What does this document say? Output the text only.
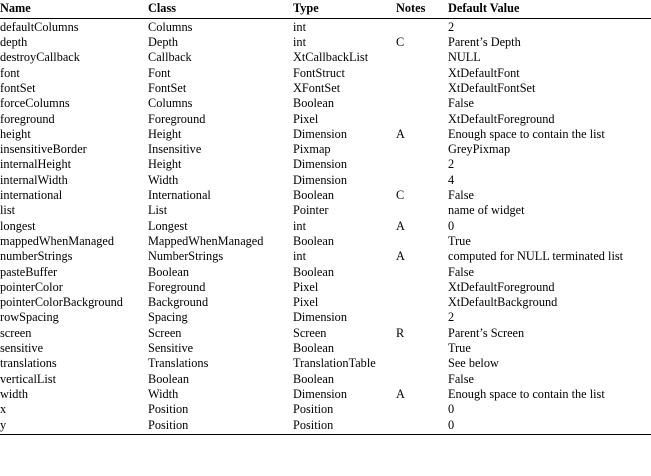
Name	Class	Type	Notes	Default Value
defaultColumns	Columns	int		2
depth	Depth	int	C	Parent’s Depth
destroyCallback	Callback	XtCallbackList		NULL
font	Font	FontStruct		XtDefaultFont
fontSet	FontSet	XFontSet		XtDefaultFontSet
forceColumns	Columns	Boolean		False
foreground	Foreground	Pixel		XtDefaultForeground
height	Height	Dimension	A	Enough space to contain the list
insensitiveBorder	Insensitive	Pixmap		GreyPixmap
internalHeight	Height	Dimension		2
internalWidth	Width	Dimension		4
international	International	Boolean	C	False
list	List	Pointer		name of widget
longest	Longest	int	A	0
mappedWhenManaged	MappedWhenManaged	Boolean		True
numberStrings	NumberStrings	int	A	computed for NULL terminated list
pasteBuffer	Boolean	Boolean		False
pointerColor	Foreground	Pixel		XtDefaultForeground
pointerColorBackground	Background	Pixel		XtDefaultBackground
rowSpacing	Spacing	Dimension		2
screen	Screen	Screen	R	Parent’s Screen
sensitive	Sensitive	Boolean		True
translations	Translations	TranslationTable		See below
verticalList	Boolean	Boolean		False
width	Width	Dimension	A	Enough space to contain the list
x	Position	Position		0
y	Position	Position		0
